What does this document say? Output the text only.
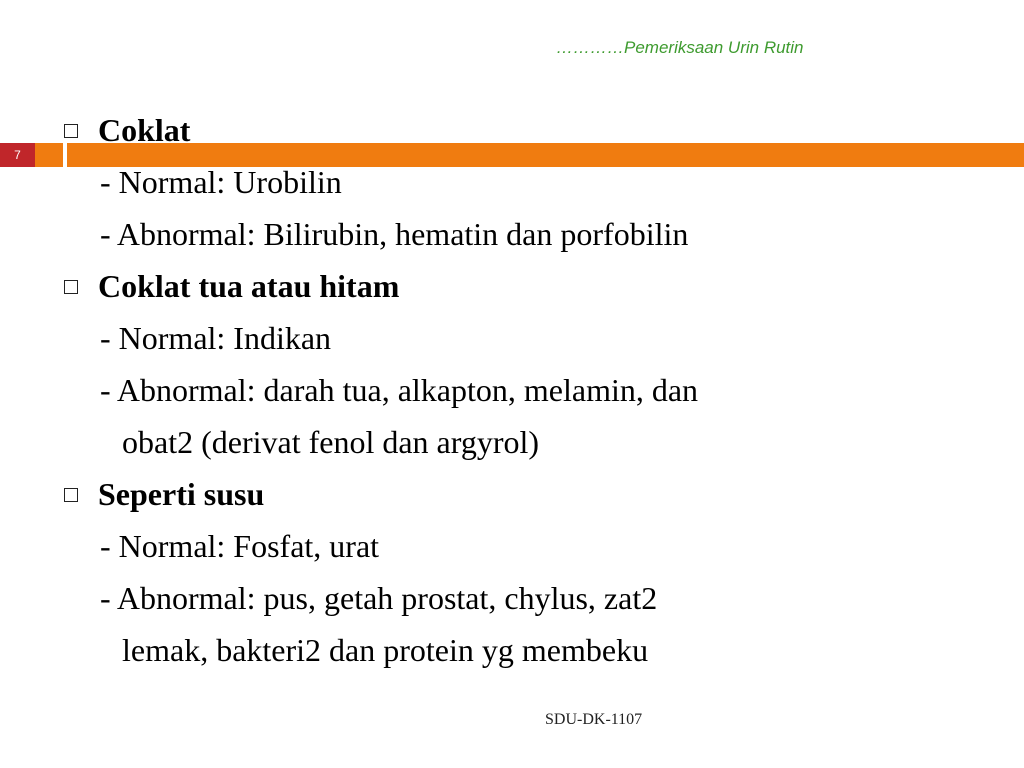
…………Pemeriksaan Urin Rutin
7
Coklat
- Normal: Urobilin
- Abnormal: Bilirubin, hematin dan porfobilin
Coklat tua atau hitam
- Normal: Indikan
- Abnormal: darah tua, alkapton, melamin, dan
obat2 (derivat fenol dan argyrol)
Seperti susu
- Normal: Fosfat, urat
- Abnormal: pus, getah prostat, chylus, zat2
lemak, bakteri2 dan protein yg membeku
SDU-DK-1107
